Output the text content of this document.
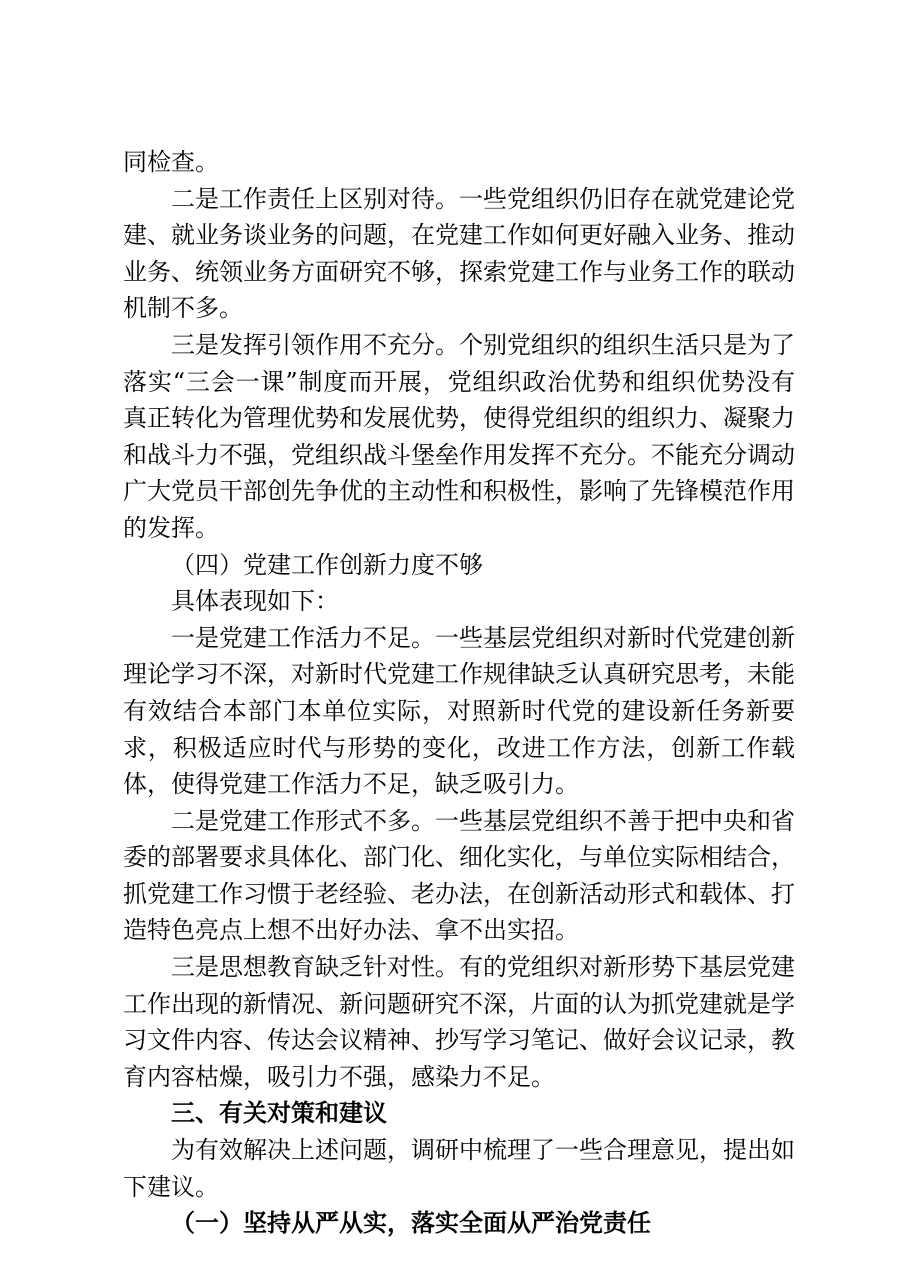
同检查。

二是工作责任上区别对待。一些党组织仍旧存在就党建论党建、就业务谈业务的问题，在党建工作如何更好融入业务、推动业务、统领业务方面研究不够，探索党建工作与业务工作的联动机制不多。

三是发挥引领作用不充分。个别党组织的组织生活只是为了落实“三会一课”制度而开展，党组织政治优势和组织优势没有真正转化为管理优势和发展优势，使得党组织的组织力、凝聚力和战斗力不强，党组织战斗堡垒作用发挥不充分。不能充分调动广大党员干部创先争优的主动性和积极性，影响了先锋模范作用的发挥。

（四）党建工作创新力度不够

具体表现如下：

一是党建工作活力不足。一些基层党组织对新时代党建创新理论学习不深，对新时代党建工作规律缺乏认真研究思考，未能有效结合本部门本单位实际，对照新时代党的建设新任务新要求，积极适应时代与形势的变化，改进工作方法，创新工作载体，使得党建工作活力不足，缺乏吸引力。

二是党建工作形式不多。一些基层党组织不善于把中央和省委的部署要求具体化、部门化、细化实化，与单位实际相结合，抓党建工作习惯于老经验、老办法，在创新活动形式和载体、打造特色亮点上想不出好办法、拿不出实招。

三是思想教育缺乏针对性。有的党组织对新形势下基层党建工作出现的新情况、新问题研究不深，片面的认为抓党建就是学习文件内容、传达会议精神、抄写学习笔记、做好会议记录，教育内容枯燥，吸引力不强，感染力不足。

三、有关对策和建议

为有效解决上述问题，调研中梳理了一些合理意见，提出如下建议。

（一）坚持从严从实，落实全面从严治党责任
